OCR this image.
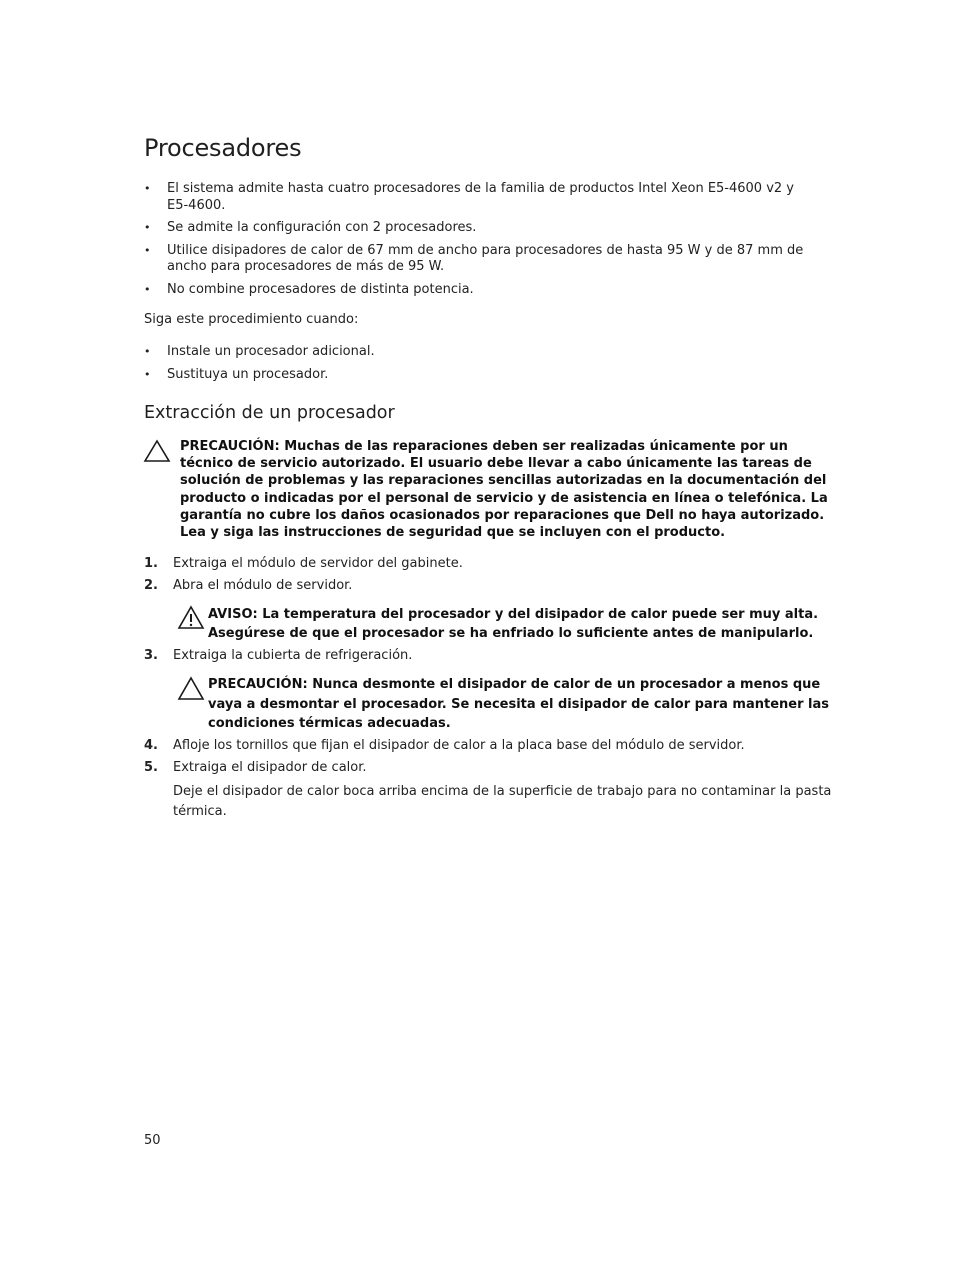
Procesadores
• El sistema admite hasta cuatro procesadores de la familia de productos Intel Xeon E5-4600 v2 y E5-4600.
• Se admite la configuración con 2 procesadores.
• Utilice disipadores de calor de 67 mm de ancho para procesadores de hasta 95 W y de 87 mm de ancho para procesadores de más de 95 W.
• No combine procesadores de distinta potencia.
Siga este procedimiento cuando:
• Instale un procesador adicional.
• Sustituya un procesador.
Extracción de un procesador
PRECAUCIÓN: Muchas de las reparaciones deben ser realizadas únicamente por un técnico de servicio autorizado. El usuario debe llevar a cabo únicamente las tareas de solución de problemas y las reparaciones sencillas autorizadas en la documentación del producto o indicadas por el personal de servicio y de asistencia en línea o telefónica. La garantía no cubre los daños ocasionados por reparaciones que Dell no haya autorizado. Lea y siga las instrucciones de seguridad que se incluyen con el producto.
1. Extraiga el módulo de servidor del gabinete.
2. Abra el módulo de servidor.
AVISO: La temperatura del procesador y del disipador de calor puede ser muy alta. Asegúrese de que el procesador se ha enfriado lo suficiente antes de manipularlo.
3. Extraiga la cubierta de refrigeración.
PRECAUCIÓN: Nunca desmonte el disipador de calor de un procesador a menos que vaya a desmontar el procesador. Se necesita el disipador de calor para mantener las condiciones térmicas adecuadas.
4. Afloje los tornillos que fijan el disipador de calor a la placa base del módulo de servidor.
5. Extraiga el disipador de calor.
Deje el disipador de calor boca arriba encima de la superficie de trabajo para no contaminar la pasta térmica.
50
